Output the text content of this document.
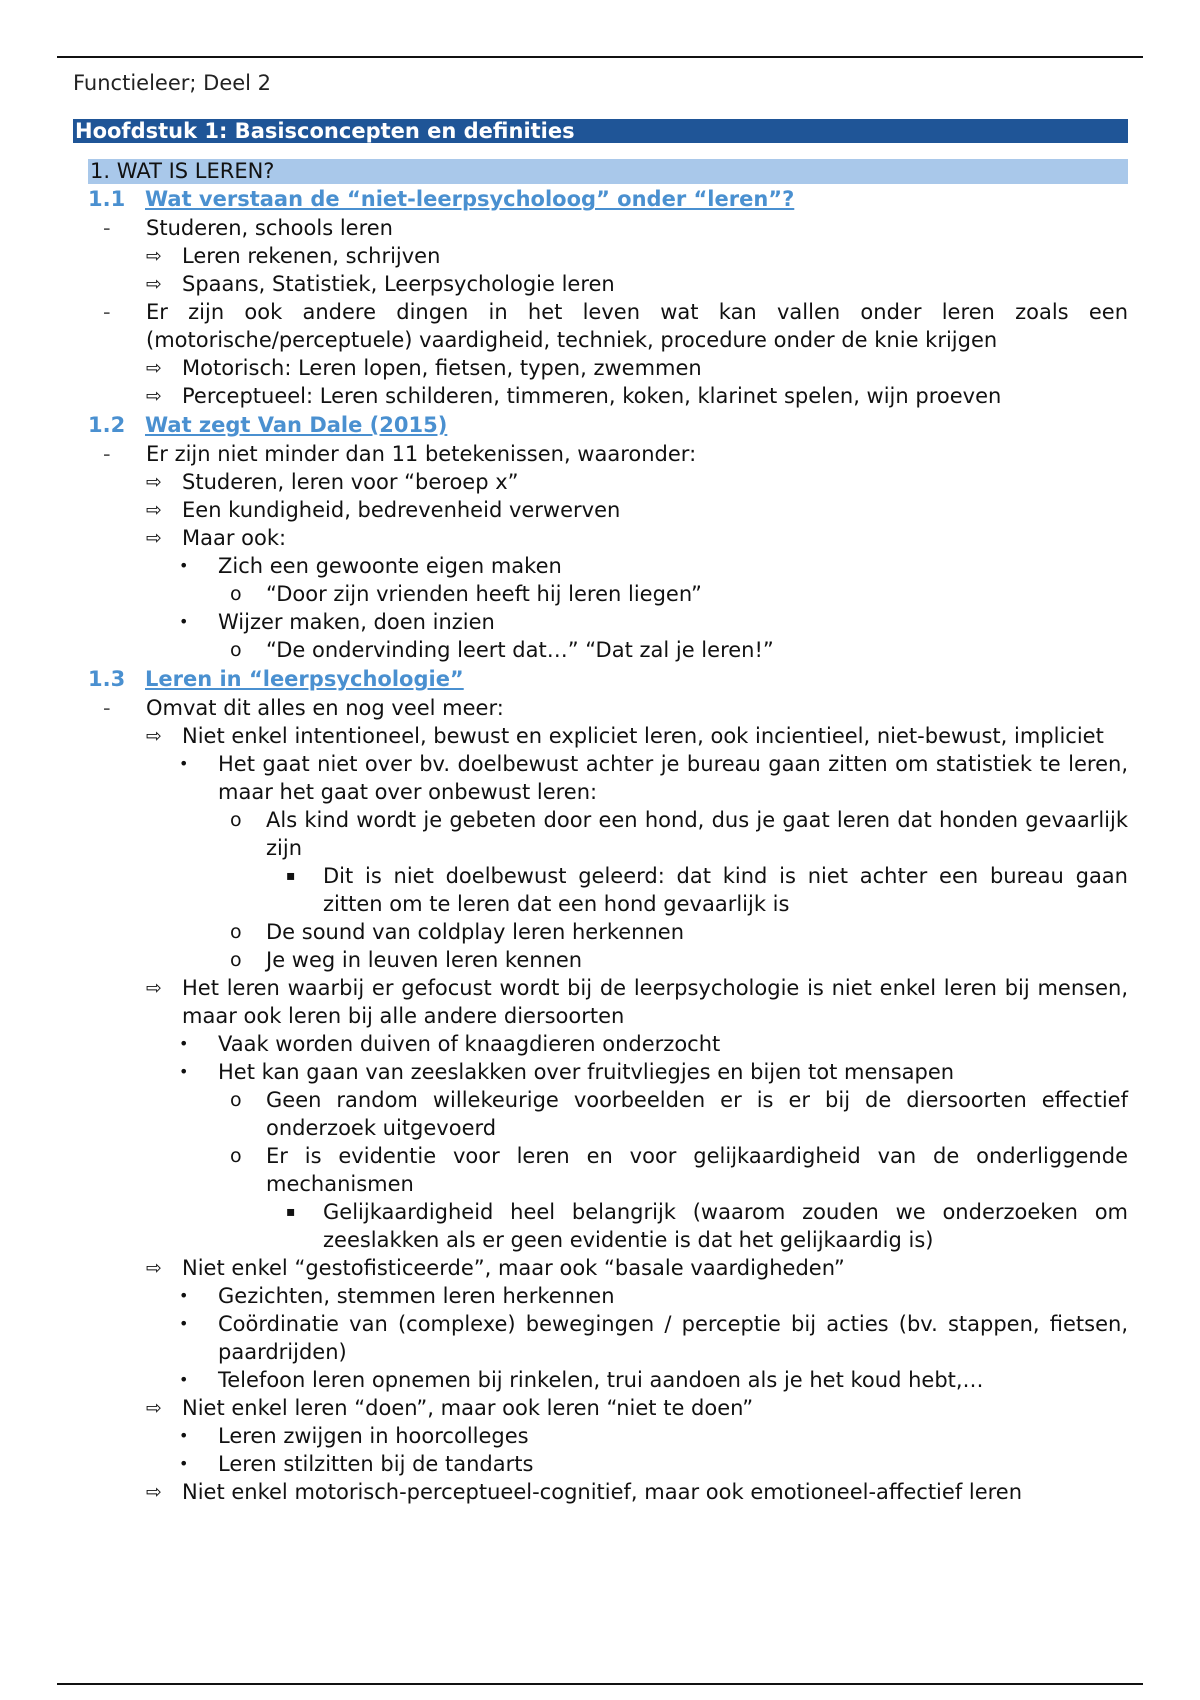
Functieleer; Deel 2
Hoofdstuk 1: Basisconcepten en definities
1. WAT IS LEREN?
1.1 Wat verstaan de “niet-leerpsycholoog” onder “leren”?
- Studeren, schools leren
⇨ Leren rekenen, schrijven
⇨ Spaans, Statistiek, Leerpsychologie leren
- Er zijn ook andere dingen in het leven wat kan vallen onder leren zoals een (motorische/perceptuele) vaardigheid, techniek, procedure onder de knie krijgen
⇨ Motorisch: Leren lopen, fietsen, typen, zwemmen
⇨ Perceptueel: Leren schilderen, timmeren, koken, klarinet spelen, wijn proeven
1.2 Wat zegt Van Dale (2015)
- Er zijn niet minder dan 11 betekenissen, waaronder:
⇨ Studeren, leren voor “beroep x”
⇨ Een kundigheid, bedrevenheid verwerven
⇨ Maar ook:
• Zich een gewoonte eigen maken
o “Door zijn vrienden heeft hij leren liegen”
• Wijzer maken, doen inzien
o “De ondervinding leert dat…” “Dat zal je leren!”
1.3 Leren in “leerpsychologie”
- Omvat dit alles en nog veel meer:
⇨ Niet enkel intentioneel, bewust en expliciet leren, ook incientieel, niet-bewust, impliciet
• Het gaat niet over bv. doelbewust achter je bureau gaan zitten om statistiek te leren, maar het gaat over onbewust leren:
o Als kind wordt je gebeten door een hond, dus je gaat leren dat honden gevaarlijk zijn
▪ Dit is niet doelbewust geleerd: dat kind is niet achter een bureau gaan zitten om te leren dat een hond gevaarlijk is
o De sound van coldplay leren herkennen
o Je weg in leuven leren kennen
⇨ Het leren waarbij er gefocust wordt bij de leerpsychologie is niet enkel leren bij mensen, maar ook leren bij alle andere diersoorten
• Vaak worden duiven of knaagdieren onderzocht
• Het kan gaan van zeeslakken over fruitvliegjes en bijen tot mensapen
o Geen random willekeurige voorbeelden er is er bij de diersoorten effectief onderzoek uitgevoerd
o Er is evidentie voor leren en voor gelijkaardigheid van de onderliggende mechanismen
▪ Gelijkaardigheid heel belangrijk (waarom zouden we onderzoeken om zeeslakken als er geen evidentie is dat het gelijkaardig is)
⇨ Niet enkel “gestofisticeerde”, maar ook “basale vaardigheden”
• Gezichten, stemmen leren herkennen
• Coördinatie van (complexe) bewegingen / perceptie bij acties (bv. stappen, fietsen, paardrijden)
• Telefoon leren opnemen bij rinkelen, trui aandoen als je het koud hebt,…
⇨ Niet enkel leren “doen”, maar ook leren “niet te doen”
• Leren zwijgen in hoorcolleges
• Leren stilzitten bij de tandarts
⇨ Niet enkel motorisch-perceptueel-cognitief, maar ook emotioneel-affectief leren
